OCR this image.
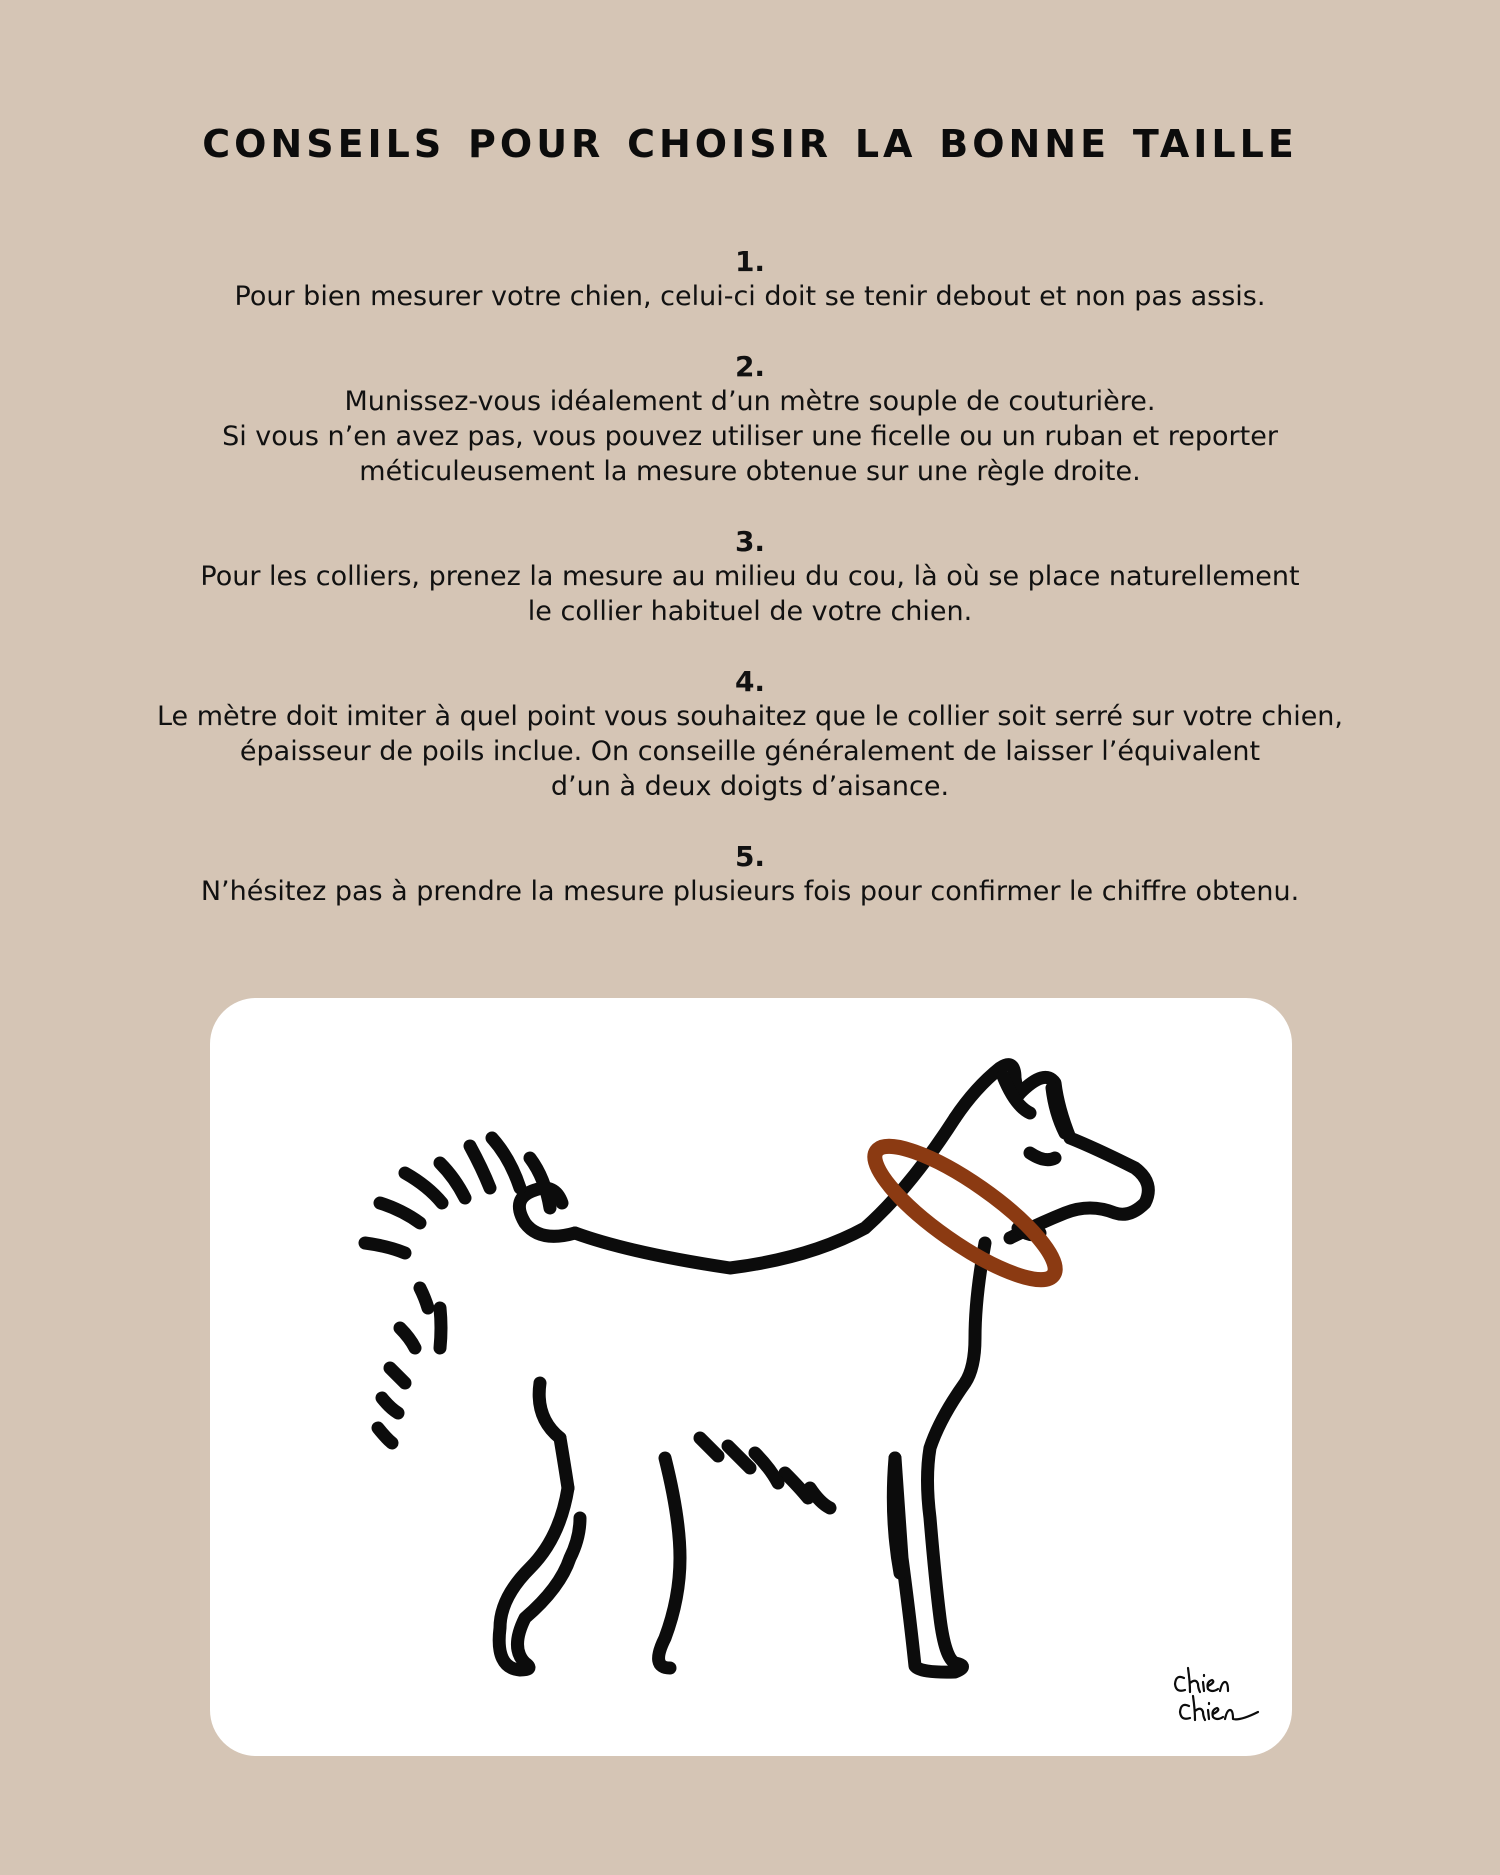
conseils pour choisir la bonne taille
1.
Pour bien mesurer votre chien, celui-ci doit se tenir debout et non pas assis.
2.
Munissez-vous idéalement d’un mètre souple de couturière.
Si vous n’en avez pas, vous pouvez utiliser une ficelle ou un ruban et reporter
méticuleusement la mesure obtenue sur une règle droite.
3.
Pour les colliers, prenez la mesure au milieu du cou, là où se place naturellement
le collier habituel de votre chien.
4.
Le mètre doit imiter à quel point vous souhaitez que le collier soit serré sur votre chien,
épaisseur de poils inclue. On conseille généralement de laisser l’équivalent
d’un à deux doigts d’aisance.
5.
N’hésitez pas à prendre la mesure plusieurs fois pour confirmer le chiffre obtenu.
